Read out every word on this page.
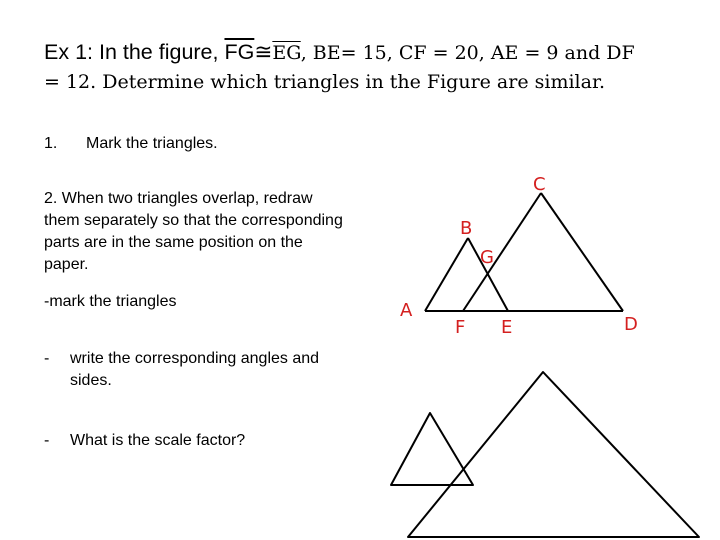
Ex 1: In the figure, $\overline{FG}≅\overline{EG}$, BE= 15, CF = 20, AE = 9 and DF
= 12. Determine which triangles in the Figure are similar.
1. Mark the triangles.
2. When two triangles overlap, redraw them separately so that the corresponding parts are in the same position on the paper.
-mark the triangles
- write the corresponding angles and sides.
- What is the scale factor?
A
B
C
D
E
F
G
